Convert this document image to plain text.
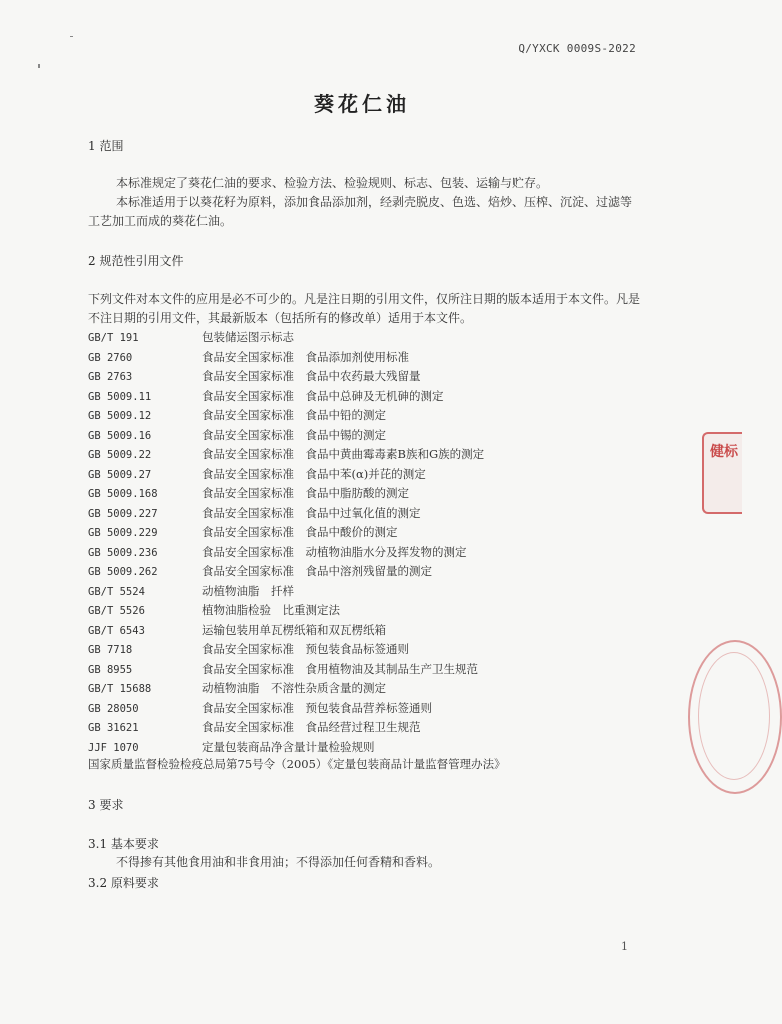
Q/YXCK 0009S-2022
葵花仁油
1 范围
本标准规定了葵花仁油的要求、检验方法、检验规则、标志、包装、运输与贮存。
本标准适用于以葵花籽为原料，添加食品添加剂，经剥壳脱皮、色选、焙炒、压榨、沉淀、过滤等工艺加工而成的葵花仁油。
2 规范性引用文件
下列文件对本文件的应用是必不可少的。凡是注日期的引用文件，仅所注日期的版本适用于本文件。凡是不注日期的引用文件，其最新版本（包括所有的修改单）适用于本文件。
GB/T 191	包装储运图示标志
GB 2760	食品安全国家标准　食品添加剂使用标准
GB 2763	食品安全国家标准　食品中农药最大残留量
GB 5009.11	食品安全国家标准　食品中总砷及无机砷的测定
GB 5009.12	食品安全国家标准　食品中铅的测定
GB 5009.16	食品安全国家标准　食品中锡的测定
GB 5009.22	食品安全国家标准　食品中黄曲霉毒素B族和G族的测定
GB 5009.27	食品安全国家标准　食品中苯(α)并芘的测定
GB 5009.168	食品安全国家标准　食品中脂肪酸的测定
GB 5009.227	食品安全国家标准　食品中过氧化值的测定
GB 5009.229	食品安全国家标准　食品中酸价的测定
GB 5009.236	食品安全国家标准　动植物油脂水分及挥发物的测定
GB 5009.262	食品安全国家标准　食品中溶剂残留量的测定
GB/T 5524	动植物油脂　扦样
GB/T 5526	植物油脂检验　比重测定法
GB/T 6543	运输包装用单瓦楞纸箱和双瓦楞纸箱
GB 7718	食品安全国家标准　预包装食品标签通则
GB 8955	食品安全国家标准　食用植物油及其制品生产卫生规范
GB/T 15688	动植物油脂　不溶性杂质含量的测定
GB 28050	食品安全国家标准　预包装食品营养标签通则
GB 31621	食品安全国家标准　食品经营过程卫生规范
JJF 1070	定量包装商品净含量计量检验规则
国家质量监督检验检疫总局第75号令（2005）《定量包装商品计量监督管理办法》
3 要求
3.1 基本要求
不得掺有其他食用油和非食用油；不得添加任何香精和香料。
3.2 原料要求
1
健标
